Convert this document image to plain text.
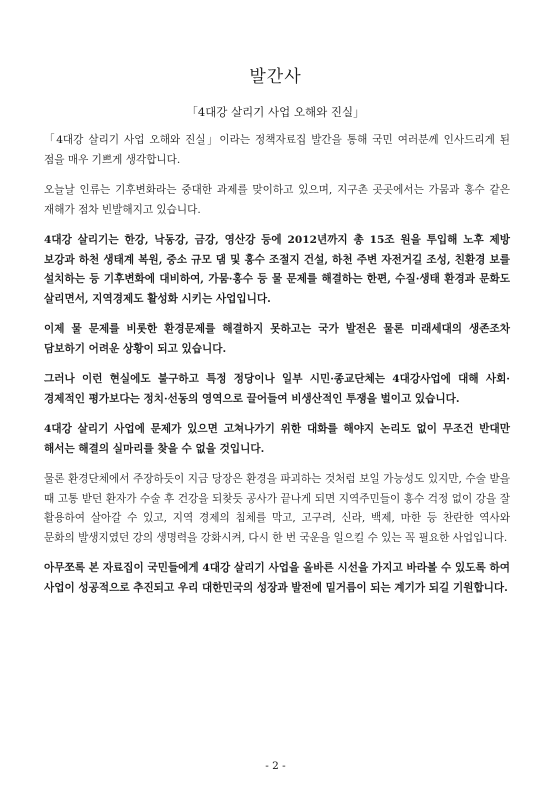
발간사
「4대강 살리기 사업 오해와 진실」

「4대강 살리기 사업 오해와 진실」이라는 정책자료집 발간을 통해 국민 여러분께 인사드리게 된 점을 매우 기쁘게 생각합니다.

오늘날 인류는 기후변화라는 중대한 과제를 맞이하고 있으며, 지구촌 곳곳에서는 가뭄과 홍수 같은 재해가 점차 빈발해지고 있습니다.

4대강 살리기는 한강, 낙동강, 금강, 영산강 등에 2012년까지 총 15조 원을 투입해 노후 제방 보강과 하천 생태계 복원, 중소 규모 댐 및 홍수 조절지 건설, 하천 주변 자전거길 조성, 친환경 보를 설치하는 등 기후변화에 대비하여, 가뭄·홍수 등 물 문제를 해결하는 한편, 수질·생태 환경과 문화도 살리면서, 지역경제도 활성화 시키는 사업입니다.

이제 물 문제를 비롯한 환경문제를 해결하지 못하고는 국가 발전은 물론 미래세대의 생존조차 담보하기 어려운 상황이 되고 있습니다.

그러나 이런 현실에도 불구하고 특정 정당이나 일부 시민·종교단체는 4대강사업에 대해 사회·경제적인 평가보다는 정치·선동의 영역으로 끌어들여 비생산적인 투쟁을 벌이고 있습니다.

4대강 살리기 사업에 문제가 있으면 고쳐나가기 위한 대화를 해야지 논리도 없이 무조건 반대만 해서는 해결의 실마리를 찾을 수 없을 것입니다.

물론 환경단체에서 주장하듯이 지금 당장은 환경을 파괴하는 것처럼 보일 가능성도 있지만, 수술 받을 때 고통 받던 환자가 수술 후 건강을 되찾듯 공사가 끝나게 되면 지역주민들이 홍수 걱정 없이 강을 잘 활용하여 살아갈 수 있고, 지역 경제의 침체를 막고, 고구려, 신라, 백제, 마한 등 찬란한 역사와 문화의 발생지였던 강의 생명력을 강화시켜, 다시 한 번 국운을 일으킬 수 있는 꼭 필요한 사업입니다.

아무쪼록 본 자료집이 국민들에게 4대강 살리기 사업을 올바른 시선을 가지고 바라볼 수 있도록 하여 사업이 성공적으로 추진되고 우리 대한민국의 성장과 발전에 밑거름이 되는 계기가 되길 기원합니다.

- 2 -
